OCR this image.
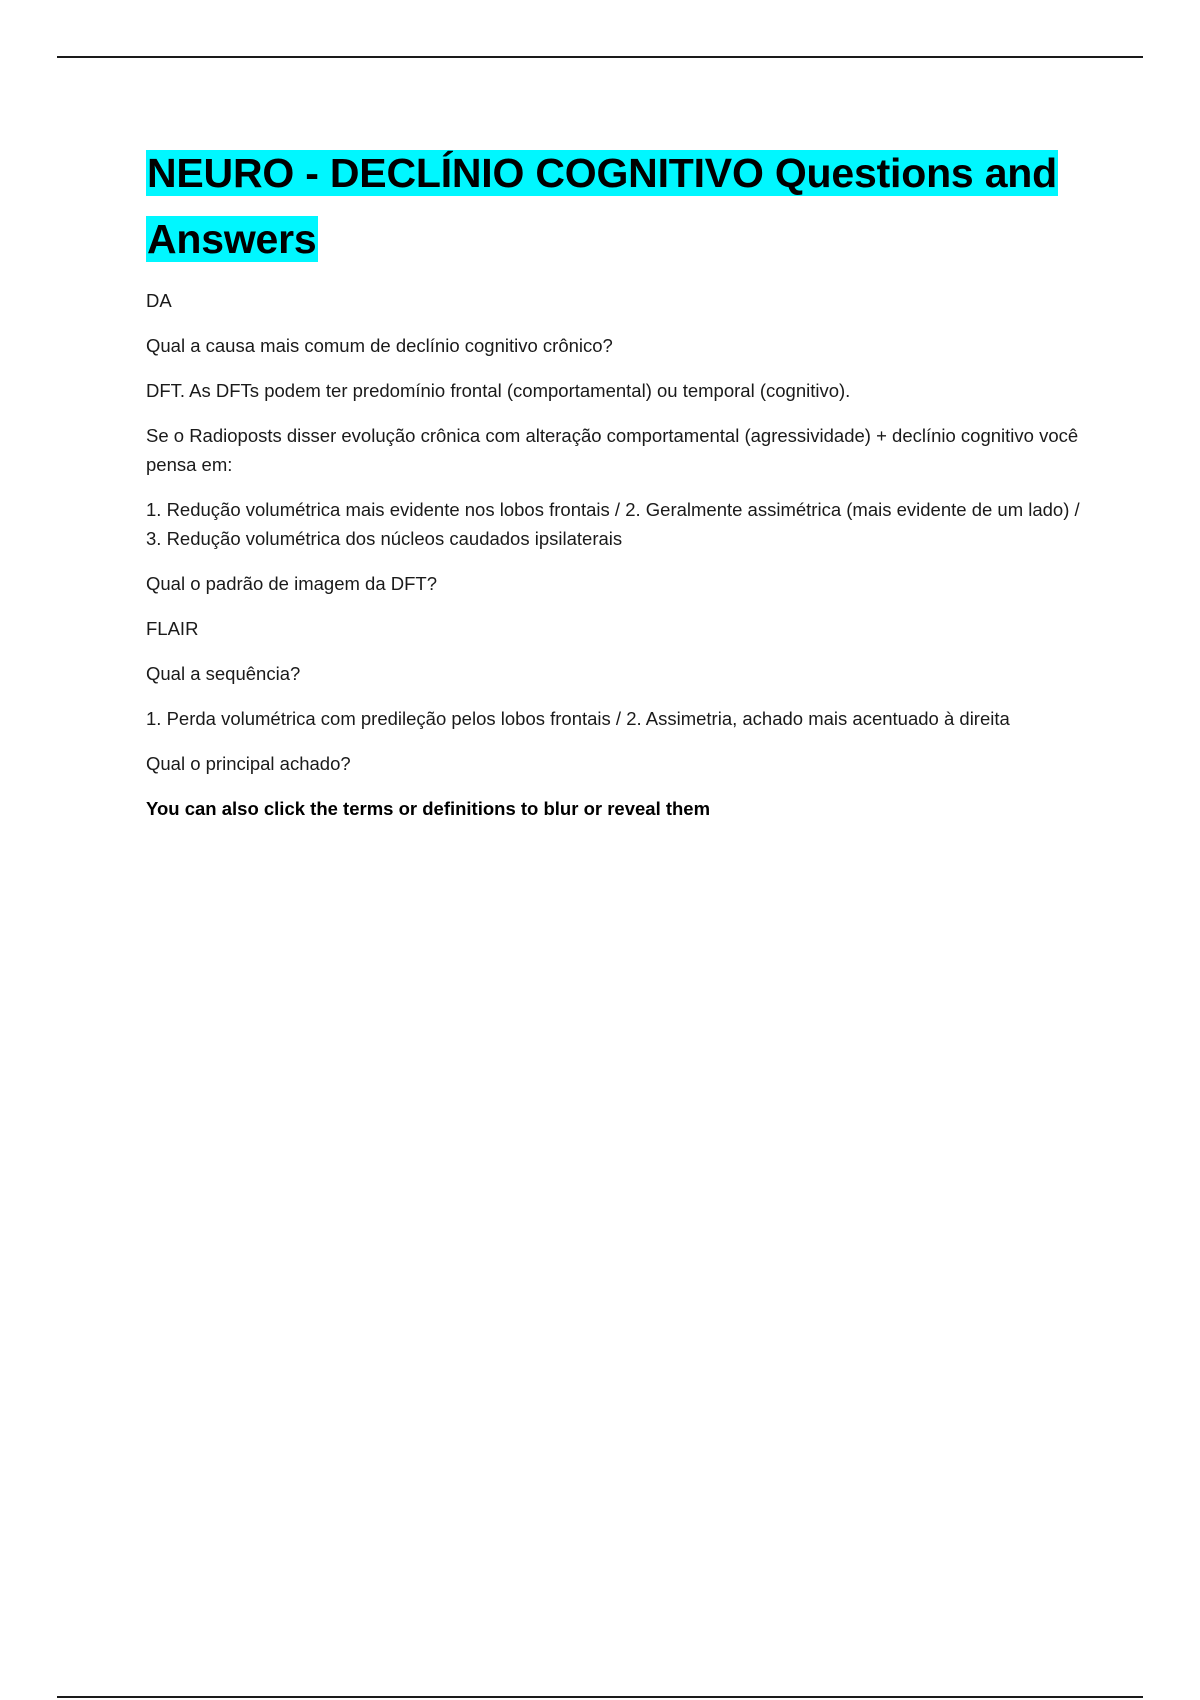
NEURO - DECLÍNIO COGNITIVO Questions and Answers

DA

Qual a causa mais comum de declínio cognitivo crônico?

DFT. As DFTs podem ter predomínio frontal (comportamental) ou temporal (cognitivo).

Se o Radioposts disser evolução crônica com alteração comportamental (agressividade) + declínio cognitivo você pensa em:

1. Redução volumétrica mais evidente nos lobos frontais / 2. Geralmente assimétrica (mais evidente de um lado) / 3. Redução volumétrica dos núcleos caudados ipsilaterais

Qual o padrão de imagem da DFT?

FLAIR

Qual a sequência?

1. Perda volumétrica com predileção pelos lobos frontais / 2. Assimetria, achado mais acentuado à direita

Qual o principal achado?

You can also click the terms or definitions to blur or reveal them
